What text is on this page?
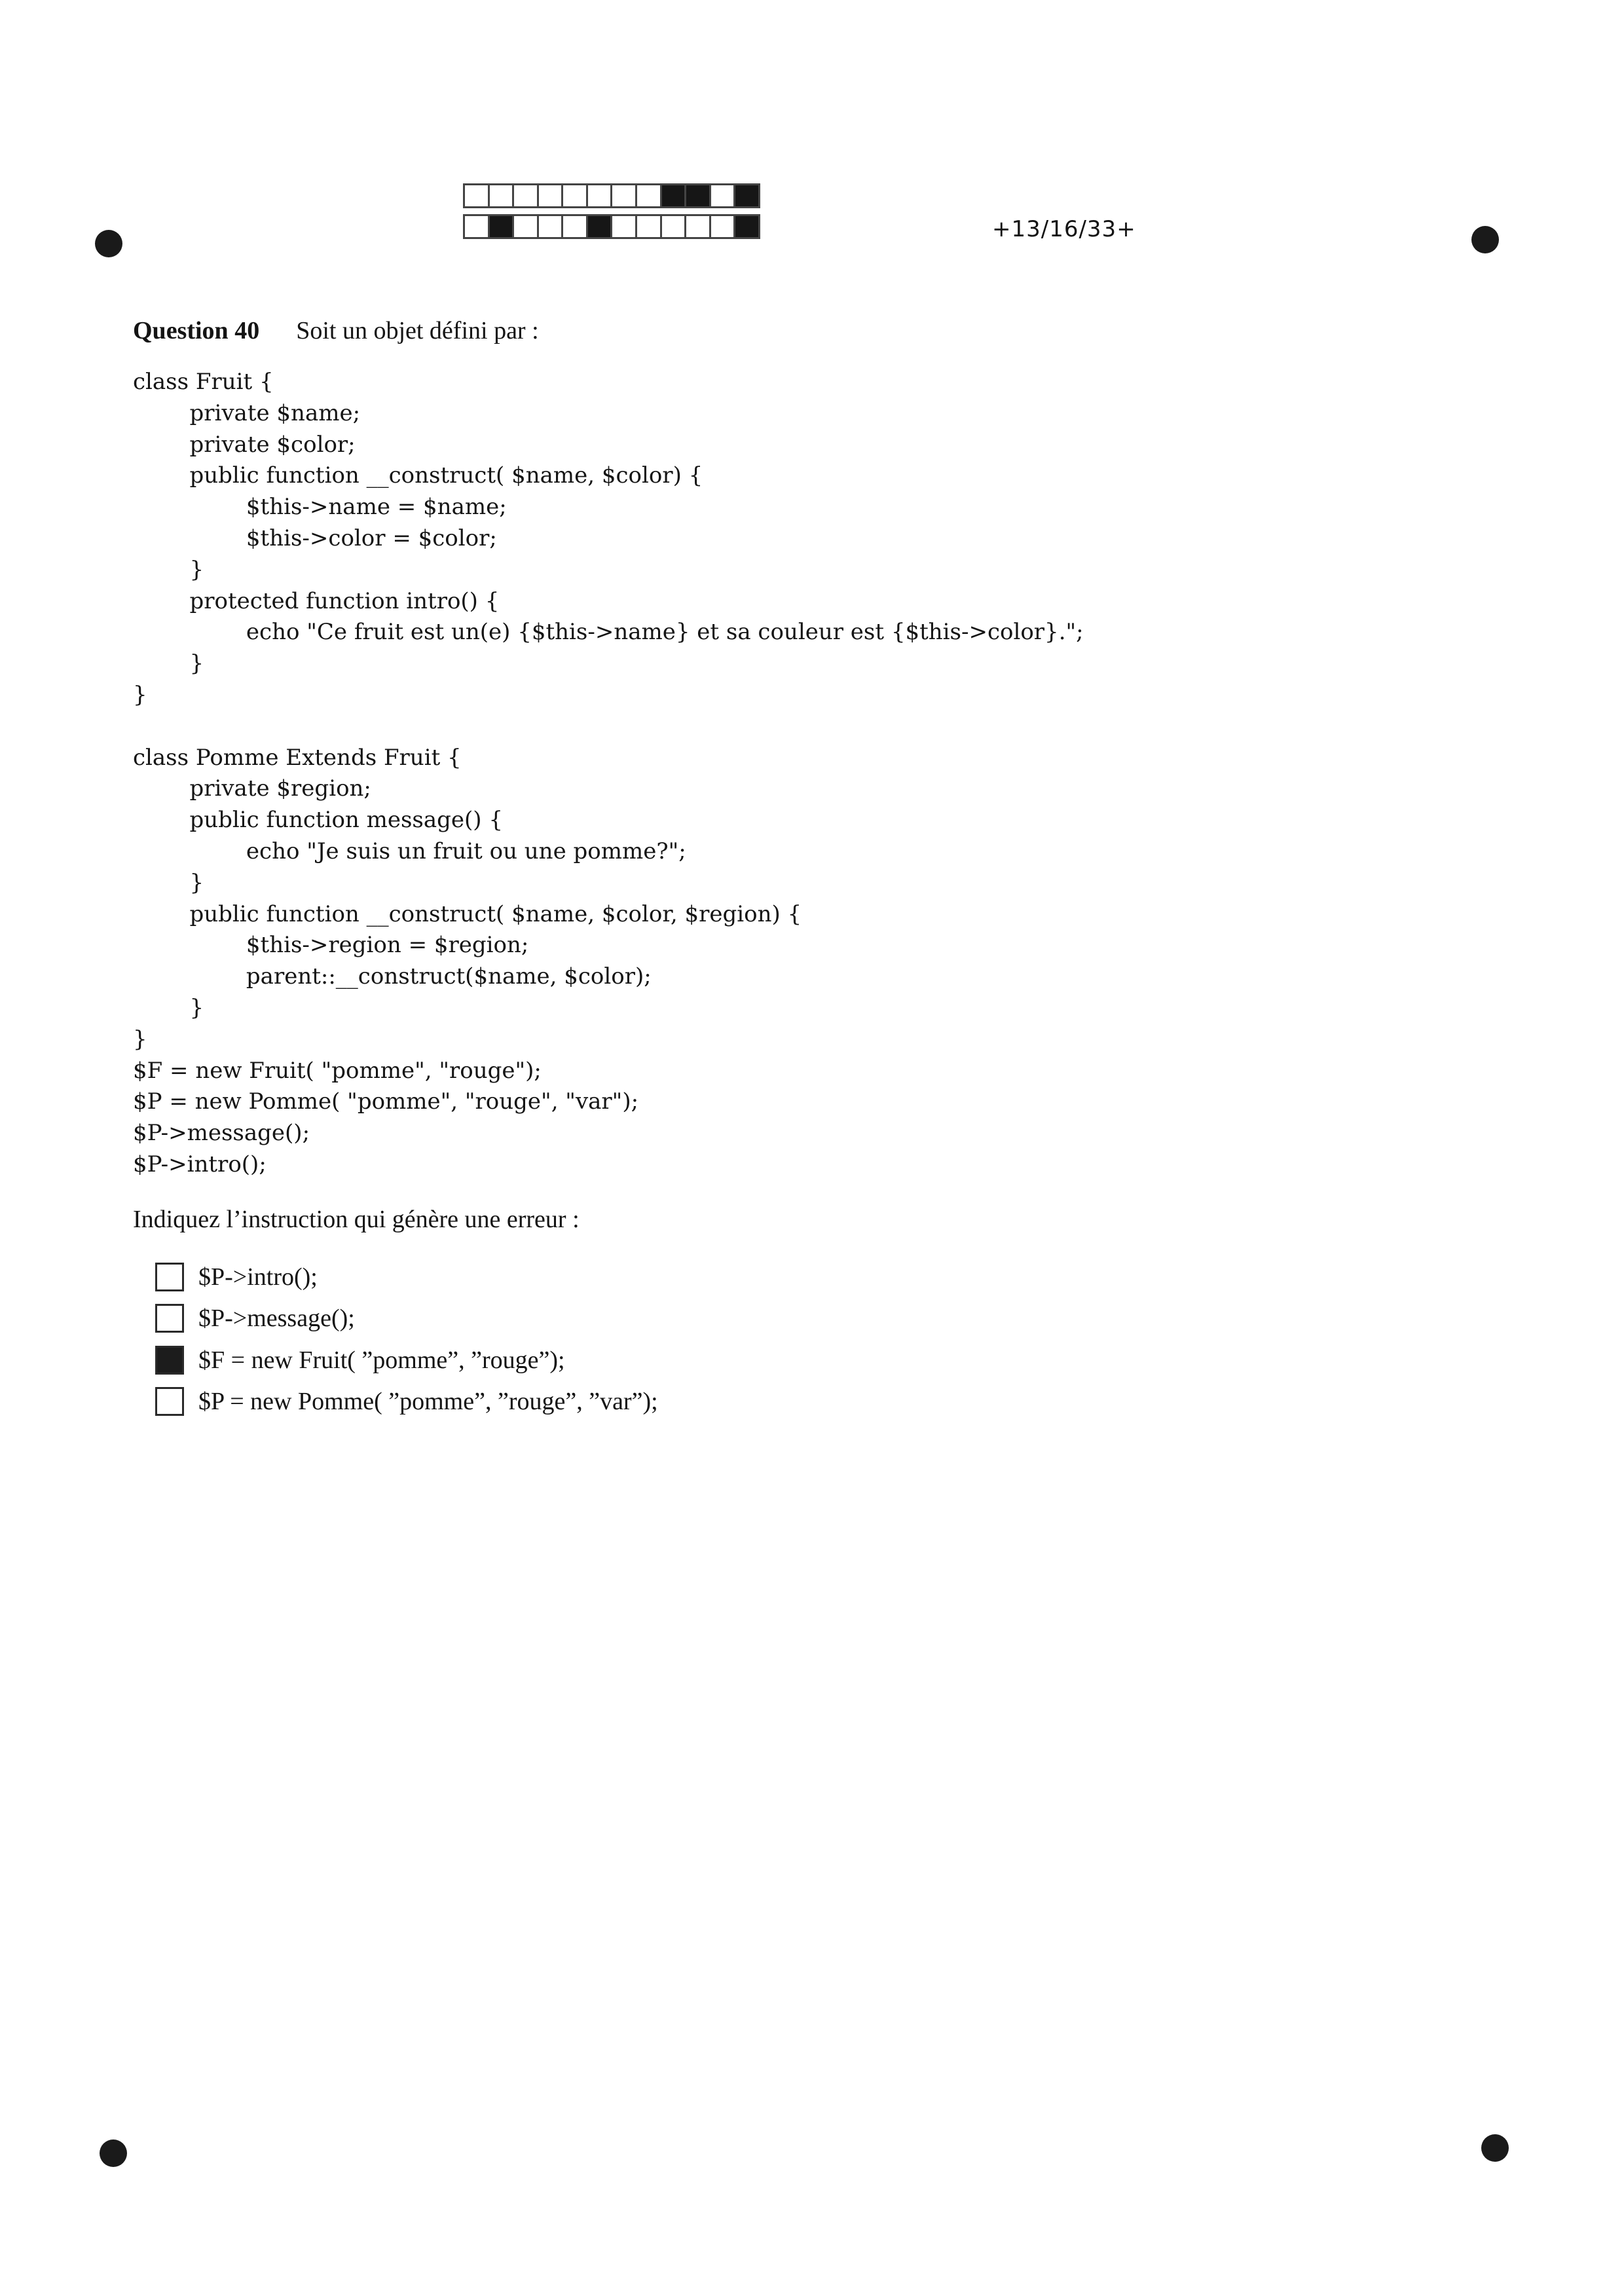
+13/16/33+
Question 40 Soit un objet défini par :
class Fruit {
private $name;
private $color;
public function __construct( $name, $color) {
$this->name = $name;
$this->color = $color;
}
protected function intro() {
echo "Ce fruit est un(e) {$this->name} et sa couleur est {$this->color}.";
}
}

class Pomme Extends Fruit {
private $region;
public function message() {
echo "Je suis un fruit ou une pomme?";
}
public function __construct( $name, $color, $region) {
$this->region = $region;
parent::__construct($name, $color);
}
}
$F = new Fruit( "pomme", "rouge");
$P = new Pomme( "pomme", "rouge", "var");
$P->message();
$P->intro();
Indiquez l’instruction qui génère une erreur :
$P->intro();
$P->message();
$F = new Fruit( ”pomme”, ”rouge”);
$P = new Pomme( ”pomme”, ”rouge”, ”var”);
